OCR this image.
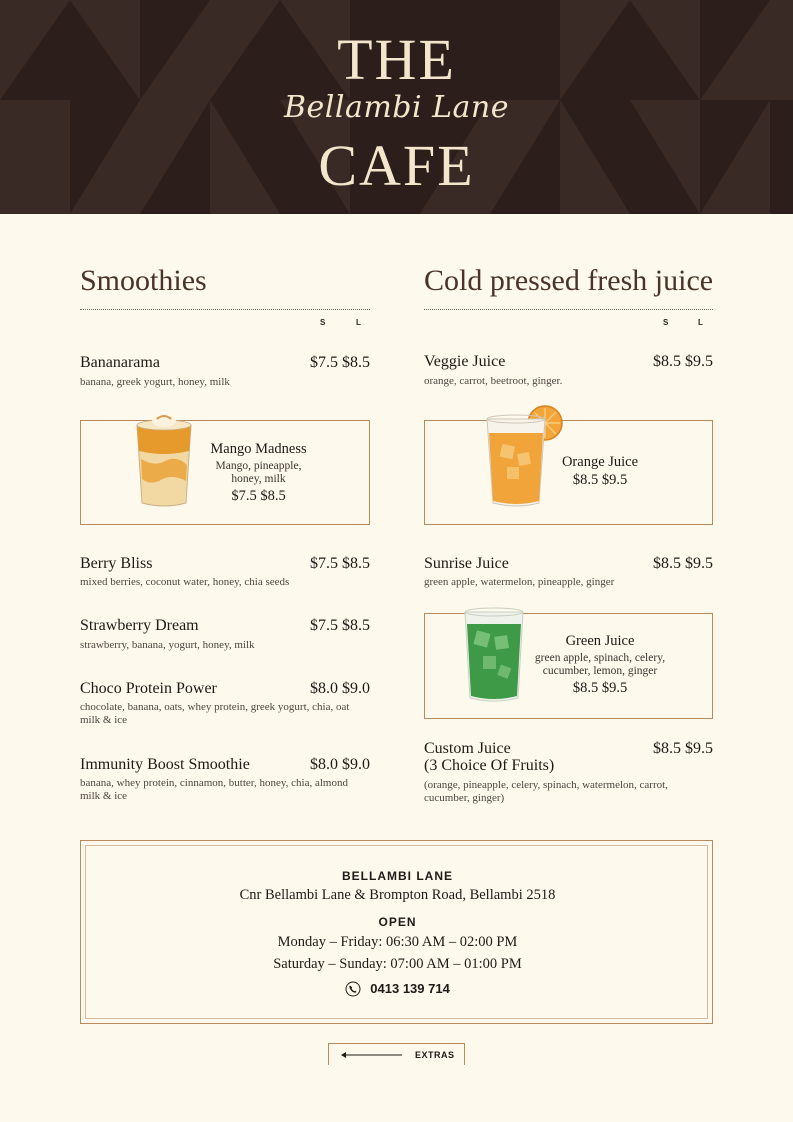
THE
Bellambi Lane
CAFE
Smoothies
S	L
Bananarama	$7.5 $8.5
banana, greek yogurt, honey, milk
Mango Madness
Mango, pineapple, honey, milk
$7.5 $8.5
Berry Bliss	$7.5 $8.5
mixed berries, coconut water, honey, chia seeds
Strawberry Dream	$7.5 $8.5
strawberry, banana, yogurt, honey, milk
Choco Protein Power	$8.0 $9.0
chocolate, banana, oats, whey protein, greek yogurt, chia, oat milk & ice
Immunity Boost Smoothie	$8.0 $9.0
banana, whey protein, cinnamon, butter, honey, chia, almond milk & ice
Cold pressed fresh juice
S	L
Veggie Juice	$8.5 $9.5
orange, carrot, beetroot, ginger.
Orange Juice
$8.5 $9.5
Sunrise Juice	$8.5 $9.5
green apple, watermelon, pineapple, ginger
Green Juice
green apple, spinach, celery, cucumber, lemon, ginger
$8.5 $9.5
Custom Juice
(3 Choice Of Fruits)
$8.5 $9.5
(orange, pineapple, celery, spinach, watermelon, carrot, cucumber, ginger)
BELLAMBI LANE
Cnr Bellambi Lane & Brompton Road, Bellambi 2518
OPEN
Monday – Friday: 06:30 AM – 02:00 PM
Saturday – Sunday: 07:00 AM – 01:00 PM
0413 139 714
EXTRAS
